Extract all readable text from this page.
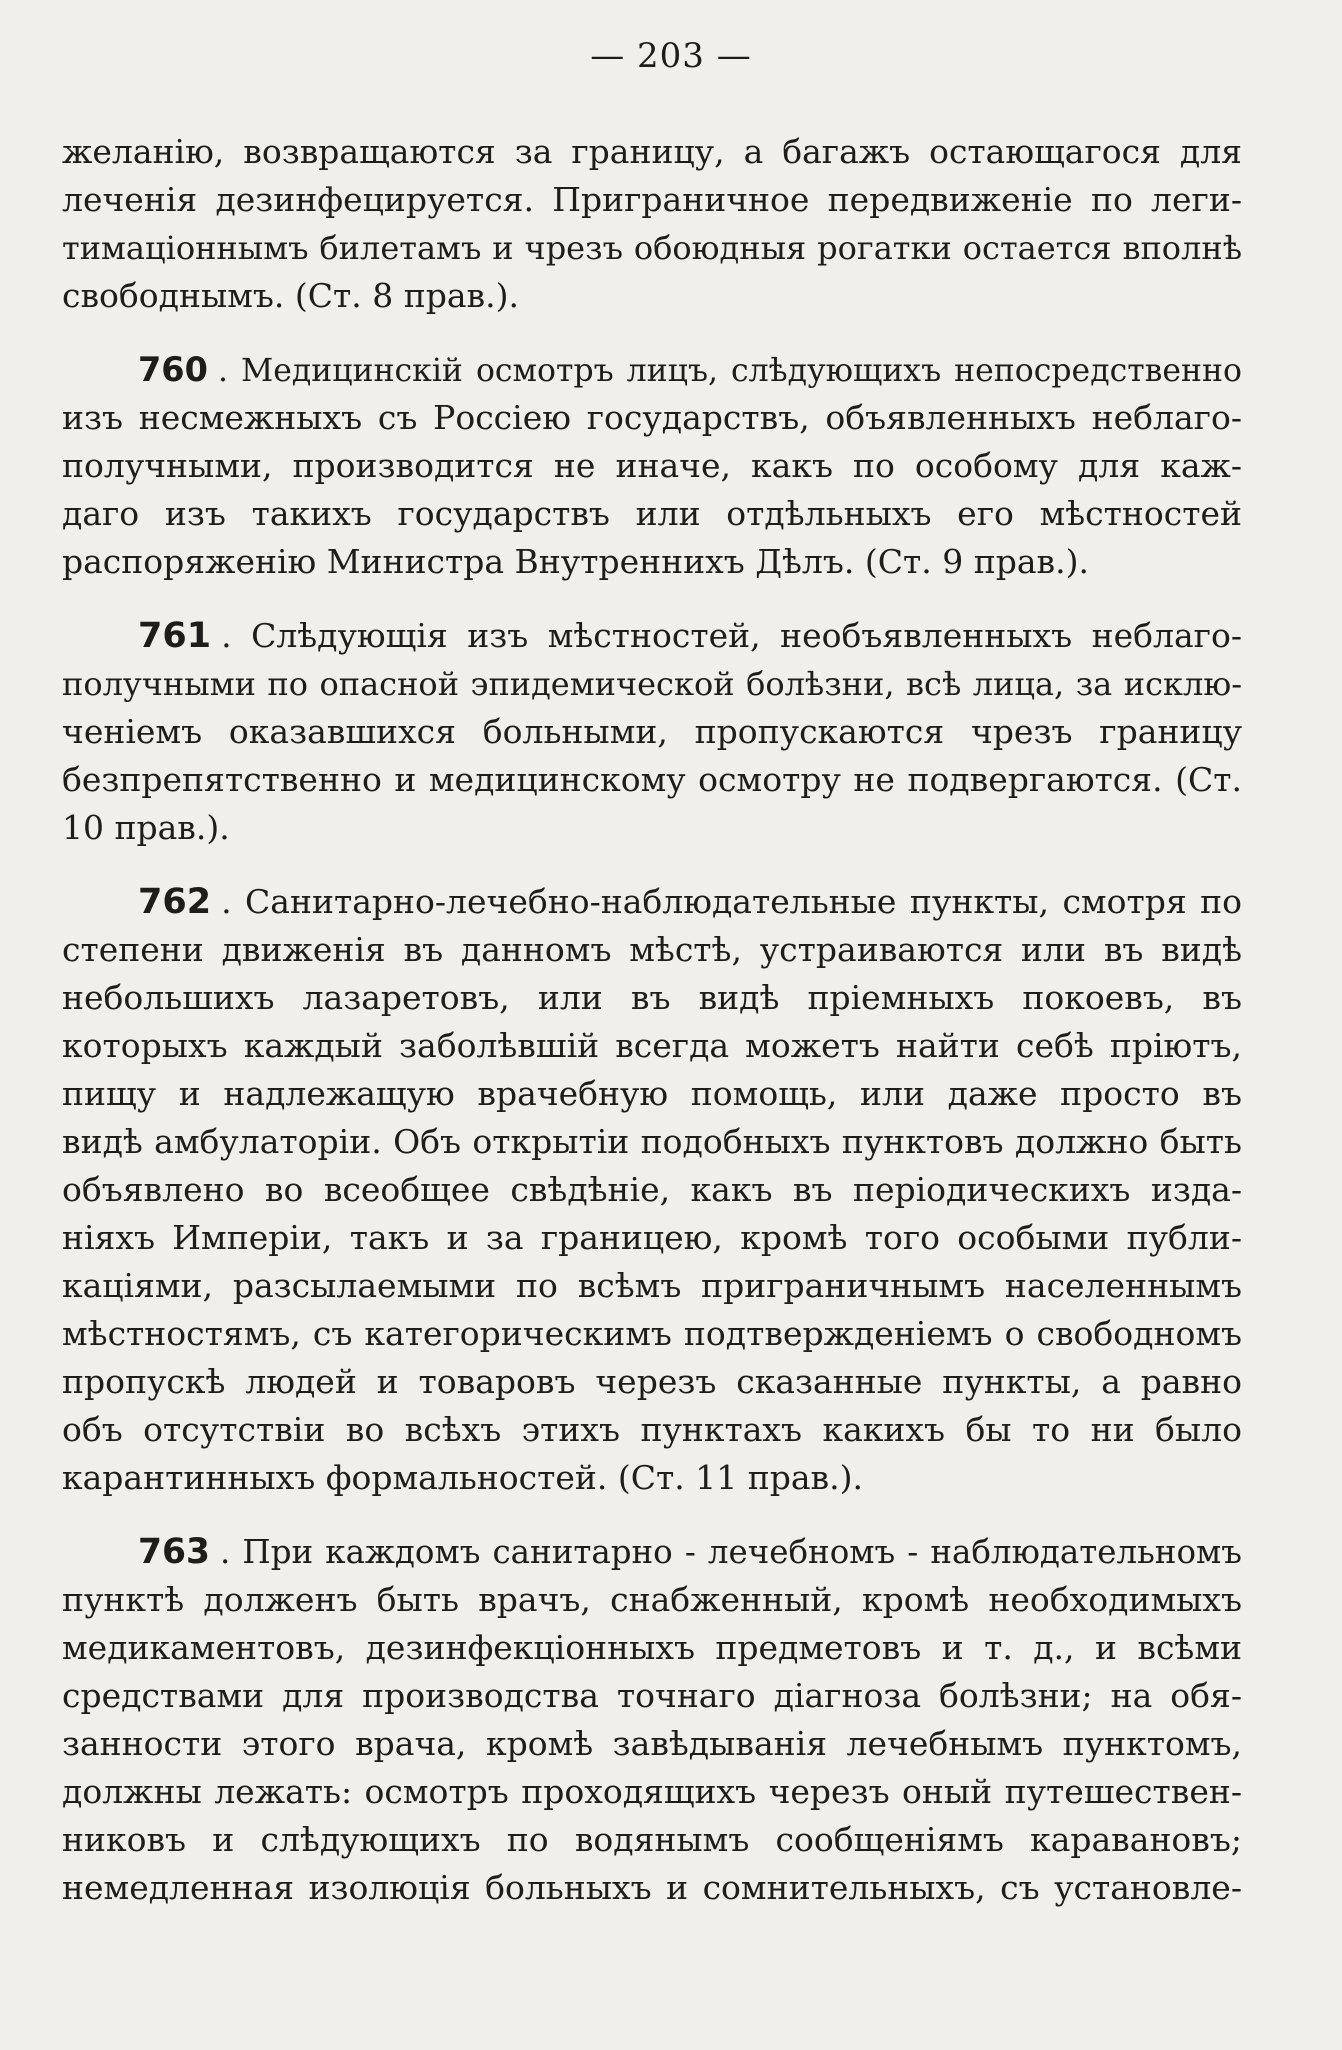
— 203 —
желанію, возвращаются за границу, а багажъ остающагося для
леченія дезинфецируется. Приграничное передвиженіе по леги-
тимаціоннымъ билетамъ и чрезъ обоюдныя рогатки остается вполнѣ
свободнымъ. (Ст. 8 прав.).
760 . Медицинскій осмотръ лицъ, слѣдующихъ непосредственно
изъ несмежныхъ съ Россіею государствъ, объявленныхъ неблаго-
получными, производится не иначе, какъ по особому для каж-
даго изъ такихъ государствъ или отдѣльныхъ его мѣстностей
распоряженію Министра Внутреннихъ Дѣлъ. (Ст. 9 прав.).
761 . Слѣдующія изъ мѣстностей, необъявленныхъ неблаго-
получными по опасной эпидемической болѣзни, всѣ лица, за исклю-
ченіемъ оказавшихся больными, пропускаются чрезъ границу
безпрепятственно и медицинскому осмотру не подвергаются. (Ст.
10 прав.).
762 . Санитарно-лечебно-наблюдательные пункты, смотря по
степени движенія въ данномъ мѣстѣ, устраиваются или въ видѣ
небольшихъ лазаретовъ, или въ видѣ пріемныхъ покоевъ, въ
которыхъ каждый заболѣвшій всегда можетъ найти себѣ пріютъ,
пищу и надлежащую врачебную помощь, или даже просто въ
видѣ амбулаторіи. Объ открытіи подобныхъ пунктовъ должно быть
объявлено во всеобщее свѣдѣніе, какъ въ періодическихъ изда-
ніяхъ Имперіи, такъ и за границею, кромѣ того особыми публи-
каціями, разсылаемыми по всѣмъ приграничнымъ населеннымъ
мѣстностямъ, съ категорическимъ подтвержденіемъ о свободномъ
пропускѣ людей и товаровъ черезъ сказанные пункты, а равно
объ отсутствіи во всѣхъ этихъ пунктахъ какихъ бы то ни было
карантинныхъ формальностей. (Ст. 11 прав.).
763 . При каждомъ санитарно - лечебномъ - наблюдательномъ
пунктѣ долженъ быть врачъ, снабженный, кромѣ необходимыхъ
медикаментовъ, дезинфекціонныхъ предметовъ и т. д., и всѣми
средствами для производства точнаго діагноза болѣзни; на обя-
занности этого врача, кромѣ завѣдыванія лечебнымъ пунктомъ,
должны лежать: осмотръ проходящихъ черезъ оный путешествен-
никовъ и слѣдующихъ по водянымъ сообщеніямъ каравановъ;
немедленная изолюція больныхъ и сомнительныхъ, съ установле-
